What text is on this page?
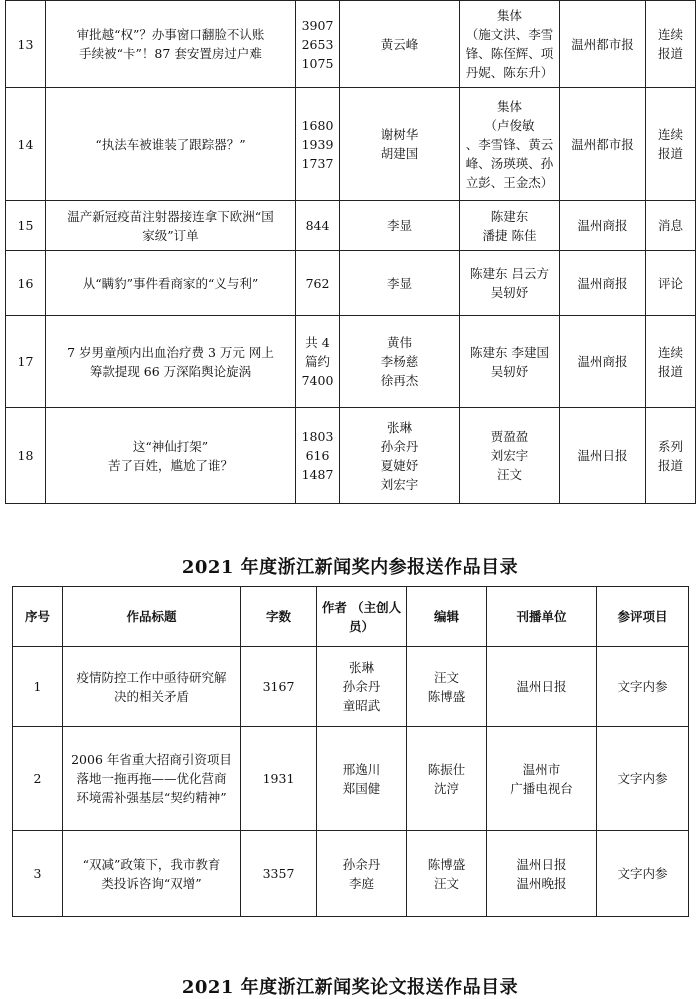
13	审批越“权”？办事窗口翻脸不认账
手续被“卡”！87 套安置房过户难	3907
2653
1075	黄云峰	集体
（施文洪、李雪
锋、陈侄辉、项
丹妮、陈东升）	温州都市报	连续
报道

14	“执法车被谁装了跟踪器？”	1680
1939
1737	谢树华
胡建国	集体
（卢俊敏
、李雪锋、黄云
峰、汤瑛瑛、孙
立彭、王金杰）	温州都市报	连续
报道

15	温产新冠疫苗注射器接连拿下欧洲“国
家级”订单	844	李显	陈建东
潘捷 陈佳	温州商报	消息

16	从“瞒豹”事件看商家的“义与利”	762	李显	陈建东 吕云方
吴轫妤	温州商报	评论

17	7 岁男童颅内出血治疗费 3 万元 网上
筹款提现 66 万深陷舆论旋涡	共 4
篇约
7400	黄伟
李杨慈
徐再杰	陈建东 李建国
吴轫妤	温州商报	连续
报道

18	这“神仙打架”
苦了百姓，尴尬了谁？	1803
616
1487	张琳
孙余丹
夏婕妤
刘宏宇	贾盈盈
刘宏宇
汪文	温州日报	系列
报道
2021 年度浙江新闻奖内参报送作品目录
序号	作品标题	字数	作者 （主创人员）	编辑	刊播单位	参评项目

1	疫情防控工作中亟待研究解
决的相关矛盾	3167	张琳
孙余丹
童昭武	汪文
陈博盛	温州日报	文字内参

2	2006 年省重大招商引资项目
落地一拖再拖——优化营商
环境需补强基层“契约精神”	1931	邢逸川
郑国健	陈振仕
沈涥	温州市
广播电视台	文字内参

3	“双减”政策下，我市教育
类投诉咨询“双增”	3357	孙余丹
李庭	陈博盛
汪文	温州日报
温州晚报	文字内参
2021 年度浙江新闻奖论文报送作品目录
